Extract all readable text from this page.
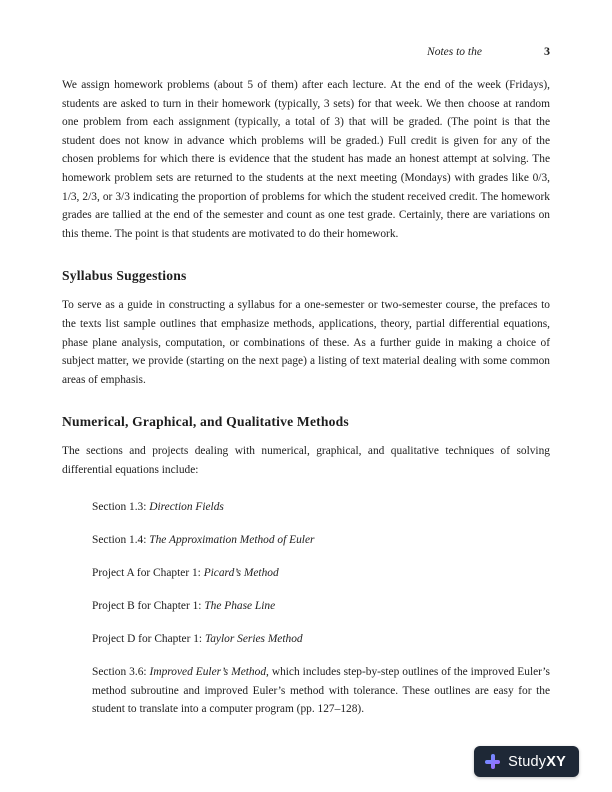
Notes to the	3

We assign homework problems (about 5 of them) after each lecture. At the end of the week (Fridays), students are asked to turn in their homework (typically, 3 sets) for that week. We then choose at random one problem from each assignment (typically, a total of 3) that will be graded. (The point is that the student does not know in advance which problems will be graded.) Full credit is given for any of the chosen problems for which there is evidence that the student has made an honest attempt at solving. The homework problem sets are returned to the students at the next meeting (Mondays) with grades like 0/3, 1/3, 2/3, or 3/3 indicating the proportion of problems for which the student received credit. The homework grades are tallied at the end of the semester and count as one test grade. Certainly, there are variations on this theme. The point is that students are motivated to do their homework.

Syllabus Suggestions

To serve as a guide in constructing a syllabus for a one-semester or two-semester course, the prefaces to the texts list sample outlines that emphasize methods, applications, theory, partial differential equations, phase plane analysis, computation, or combinations of these. As a further guide in making a choice of subject matter, we provide (starting on the next page) a listing of text material dealing with some common areas of emphasis.

Numerical, Graphical, and Qualitative Methods

The sections and projects dealing with numerical, graphical, and qualitative techniques of solving differential equations include:

Section 1.3: Direction Fields

Section 1.4: The Approximation Method of Euler

Project A for Chapter 1: Picard’s Method

Project B for Chapter 1: The Phase Line

Project D for Chapter 1: Taylor Series Method

Section 3.6: Improved Euler’s Method, which includes step-by-step outlines of the improved Euler’s method subroutine and improved Euler’s method with tolerance. These outlines are easy for the student to translate into a computer program (pp. 127–128).

StudyXY
